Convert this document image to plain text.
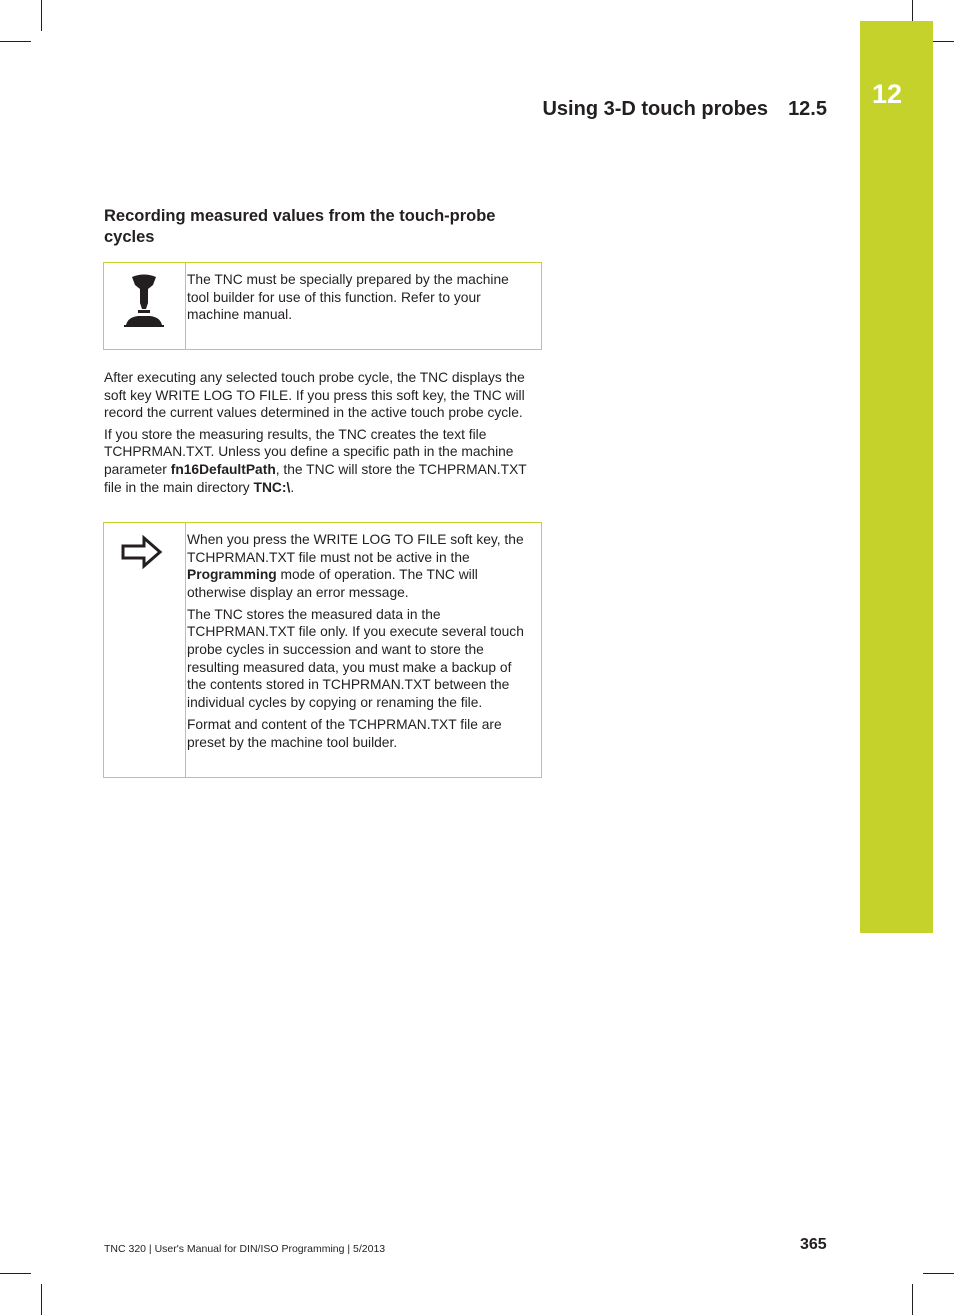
12
Using 3-D touch probes 12.5
Recording measured values from the touch-probe cycles

The TNC must be specially prepared by the machine tool builder for use of this function. Refer to your machine manual.

After executing any selected touch probe cycle, the TNC displays the soft key WRITE LOG TO FILE. If you press this soft key, the TNC will record the current values determined in the active touch probe cycle.

If you store the measuring results, the TNC creates the text file TCHPRMAN.TXT. Unless you define a specific path in the machine parameter fn16DefaultPath, the TNC will store the TCHPRMAN.TXT file in the main directory TNC:\.

When you press the WRITE LOG TO FILE soft key, the TCHPRMAN.TXT file must not be active in the Programming mode of operation. The TNC will otherwise display an error message.

The TNC stores the measured data in the TCHPRMAN.TXT file only. If you execute several touch probe cycles in succession and want to store the resulting measured data, you must make a backup of the contents stored in TCHPRMAN.TXT between the individual cycles by copying or renaming the file.

Format and content of the TCHPRMAN.TXT file are preset by the machine tool builder.

TNC 320 | User's Manual for DIN/ISO Programming | 5/2013	365
